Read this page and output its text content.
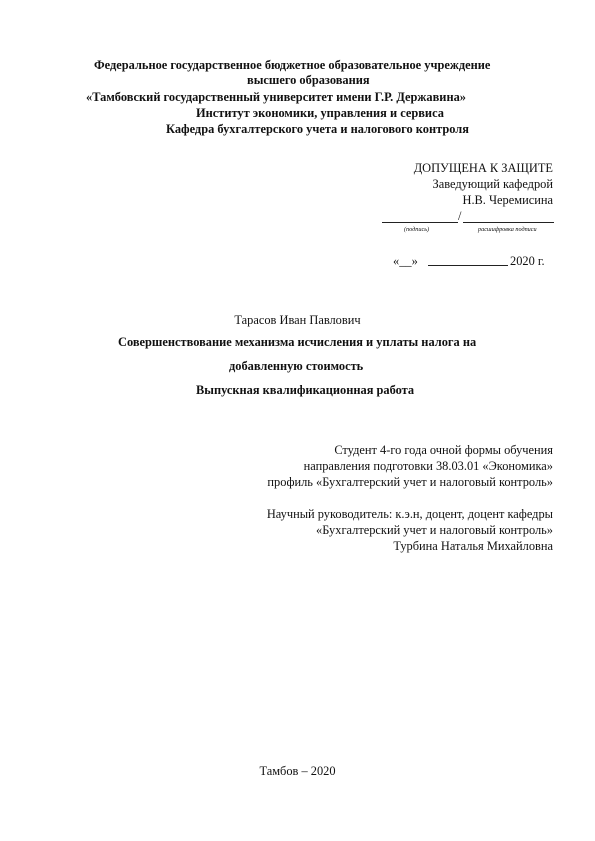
Федеральное государственное бюджетное образовательное учреждение
высшего образования
«Тамбовский государственный университет имени Г.Р. Державина»
Институт экономики, управления и сервиса
Кафедра бухгалтерского учета и налогового контроля
ДОПУЩЕНА К ЗАЩИТЕ
Заведующий кафедрой
Н.В. Черемисина
/
(подпись)	расшифровка подписи
«__»	2020 г.
Тарасов Иван Павлович
Совершенствование механизма исчисления и уплаты налога на
добавленную стоимость
Выпускная квалификационная работа
Студент 4-го года очной формы обучения
направления подготовки 38.03.01 «Экономика»
профиль «Бухгалтерский учет и налоговый контроль»
Научный руководитель: к.э.н, доцент, доцент кафедры
«Бухгалтерский учет и налоговый контроль»
Турбина Наталья Михайловна
Тамбов – 2020
